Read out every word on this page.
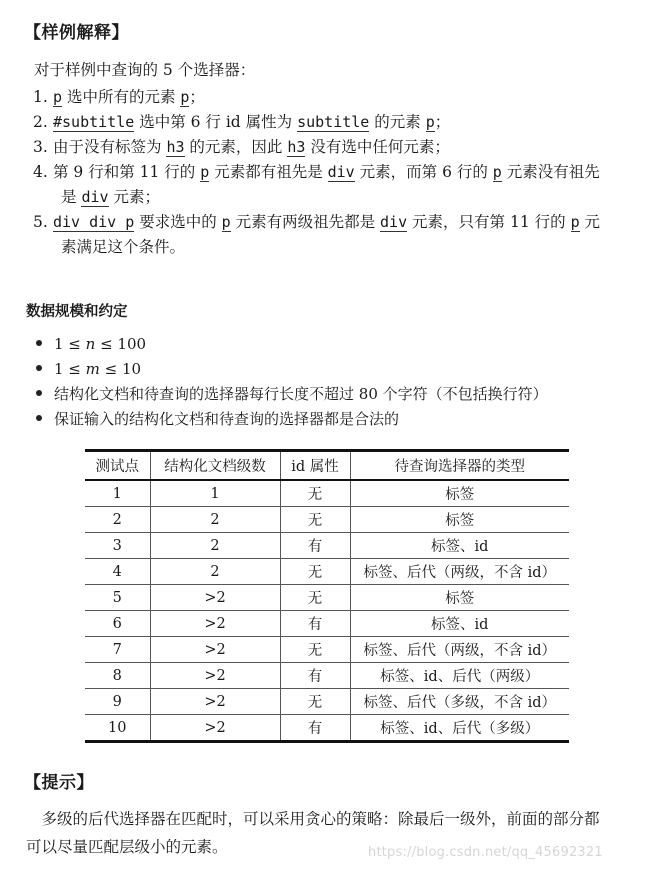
【样例解释】
对于样例中查询的 5 个选择器：
1. p 选中所有的元素 p；
2. #subtitle 选中第 6 行 id 属性为 subtitle 的元素 p；
3. 由于没有标签为 h3 的元素，因此 h3 没有选中任何元素；
4. 第 9 行和第 11 行的 p 元素都有祖先是 div 元素，而第 6 行的 p 元素没有祖先
是 div 元素；
5. div div p 要求选中的 p 元素有两级祖先都是 div 元素，只有第 11 行的 p 元
素满足这个条件。
数据规模和约定
1 ≤ n ≤ 100
1 ≤ m ≤ 10
结构化文档和待查询的选择器每行长度不超过 80 个字符（不包括换行符）
保证输入的结构化文档和待查询的选择器都是合法的
测试点	结构化文档级数	id 属性	待查询选择器的类型
1	1	无	标签
2	2	无	标签
3	2	有	标签、id
4	2	无	标签、后代（两级，不含 id）
5	>2	无	标签
6	>2	有	标签、id
7	>2	无	标签、后代（两级，不含 id）
8	>2	有	标签、id、后代（两级）
9	>2	无	标签、后代（多级，不含 id）
10	>2	有	标签、id、后代（多级）
【提示】
　多级的后代选择器在匹配时，可以采用贪心的策略：除最后一级外，前面的部分都
可以尽量匹配层级小的元素。	https://blog.csdn.net/qq_45692321
